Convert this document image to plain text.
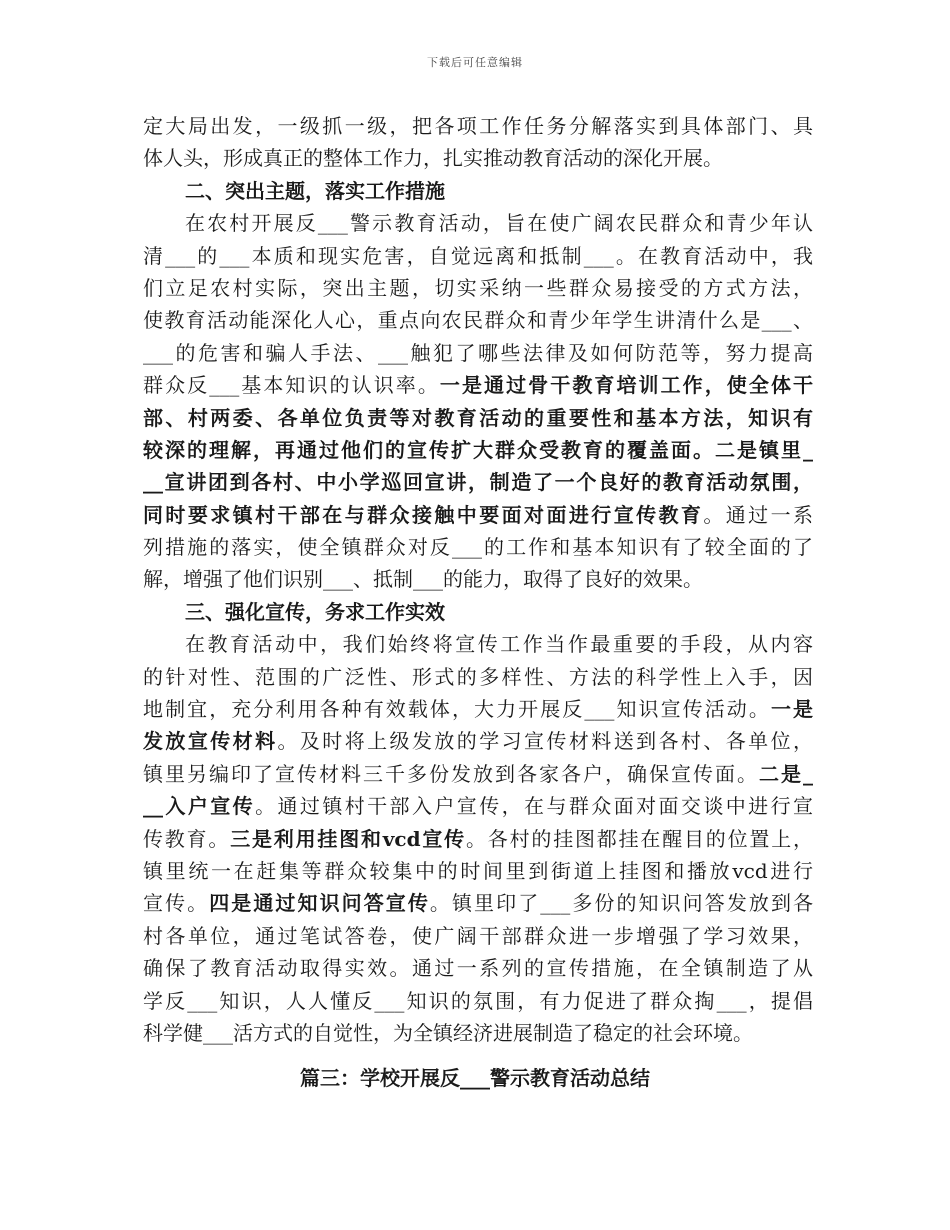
下载后可任意编辑
定大局出发，一级抓一级，把各项工作任务分解落实到具体部门、具
体人头，形成真正的整体工作力，扎实推动教育活动的深化开展。
二、突出主题，落实工作措施
在农村开展反___警示教育活动，旨在使广阔农民群众和青少年认
清___的___本质和现实危害，自觉远离和抵制___。在教育活动中，我
们立足农村实际，突出主题，切实采纳一些群众易接受的方式方法，
使教育活动能深化人心，重点向农民群众和青少年学生讲清什么是___、
___的危害和骗人手法、___触犯了哪些法律及如何防范等，努力提高
群众反___基本知识的认识率。一是通过骨干教育培训工作，使全体干
部、村两委、各单位负责等对教育活动的重要性和基本方法，知识有
较深的理解，再通过他们的宣传扩大群众受教育的覆盖面。二是镇里_
__宣讲团到各村、中小学巡回宣讲，制造了一个良好的教育活动氛围，
同时要求镇村干部在与群众接触中要面对面进行宣传教育。通过一系
列措施的落实，使全镇群众对反___的工作和基本知识有了较全面的了
解，增强了他们识别___、抵制___的能力，取得了良好的效果。
三、强化宣传，务求工作实效
在教育活动中，我们始终将宣传工作当作最重要的手段，从内容
的针对性、范围的广泛性、形式的多样性、方法的科学性上入手，因
地制宜，充分利用各种有效载体，大力开展反___知识宣传活动。一是
发放宣传材料。及时将上级发放的学习宣传材料送到各村、各单位，
镇里另编印了宣传材料三千多份发放到各家各户，确保宣传面。二是_
__入户宣传。通过镇村干部入户宣传，在与群众面对面交谈中进行宣
传教育。三是利用挂图和vcd宣传。各村的挂图都挂在醒目的位置上，
镇里统一在赶集等群众较集中的时间里到街道上挂图和播放vcd进行
宣传。四是通过知识问答宣传。镇里印了___多份的知识问答发放到各
村各单位，通过笔试答卷，使广阔干部群众进一步增强了学习效果，
确保了教育活动取得实效。通过一系列的宣传措施，在全镇制造了从
学反___知识，人人懂反___知识的氛围，有力促进了群众掏___，提倡
科学健___活方式的自觉性，为全镇经济进展制造了稳定的社会环境。
篇三：学校开展反___警示教育活动总结
